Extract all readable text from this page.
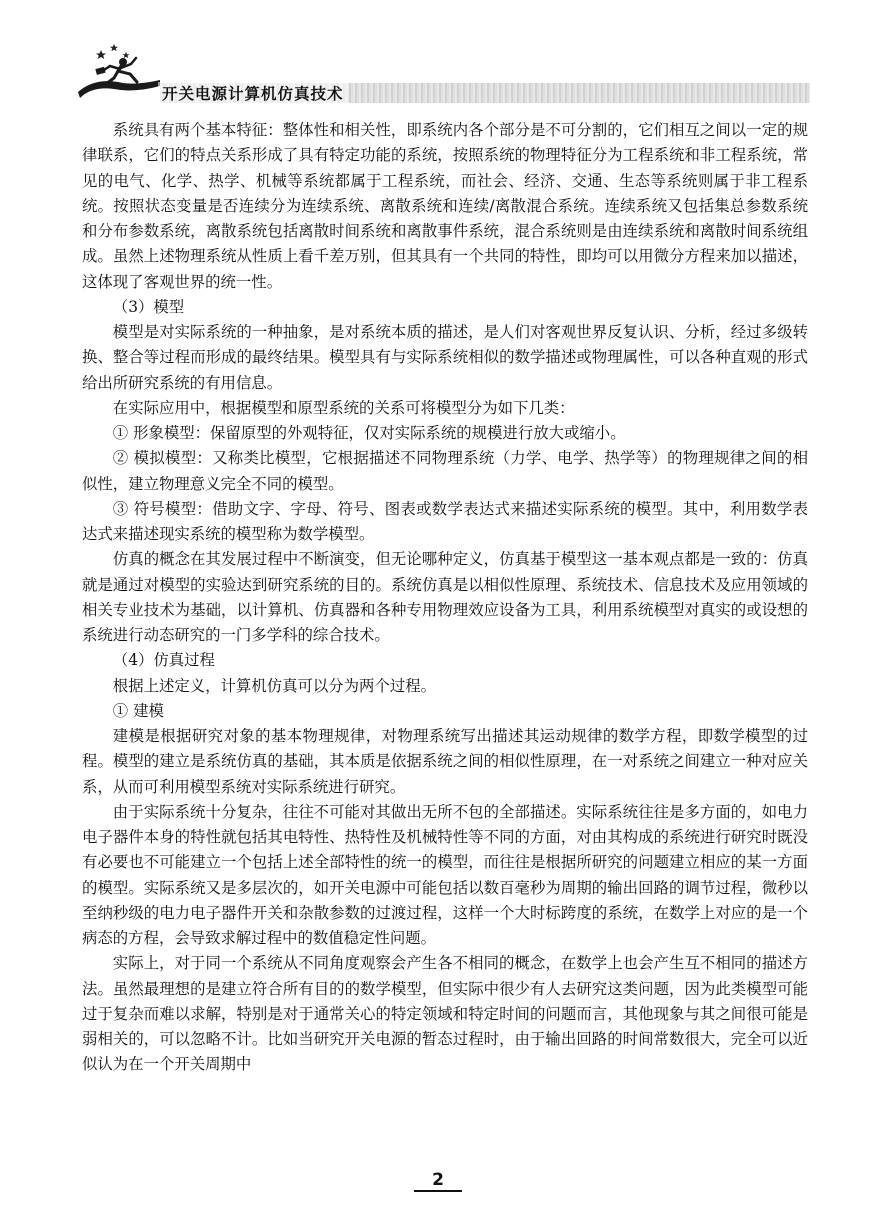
开关电源计算机仿真技术

系统具有两个基本特征：整体性和相关性，即系统内各个部分是不可分割的，它们相互之间以一定的规律联系，它们的特点关系形成了具有特定功能的系统，按照系统的物理特征分为工程系统和非工程系统，常见的电气、化学、热学、机械等系统都属于工程系统，而社会、经济、交通、生态等系统则属于非工程系统。按照状态变量是否连续分为连续系统、离散系统和连续/离散混合系统。连续系统又包括集总参数系统和分布参数系统，离散系统包括离散时间系统和离散事件系统，混合系统则是由连续系统和离散时间系统组成。虽然上述物理系统从性质上看千差万别，但其具有一个共同的特性，即均可以用微分方程来加以描述，这体现了客观世界的统一性。

（3）模型

模型是对实际系统的一种抽象，是对系统本质的描述，是人们对客观世界反复认识、分析，经过多级转换、整合等过程而形成的最终结果。模型具有与实际系统相似的数学描述或物理属性，可以各种直观的形式给出所研究系统的有用信息。

在实际应用中，根据模型和原型系统的关系可将模型分为如下几类：

① 形象模型：保留原型的外观特征，仅对实际系统的规模进行放大或缩小。

② 模拟模型：又称类比模型，它根据描述不同物理系统（力学、电学、热学等）的物理规律之间的相似性，建立物理意义完全不同的模型。

③ 符号模型：借助文字、字母、符号、图表或数学表达式来描述实际系统的模型。其中，利用数学表达式来描述现实系统的模型称为数学模型。

仿真的概念在其发展过程中不断演变，但无论哪种定义，仿真基于模型这一基本观点都是一致的：仿真就是通过对模型的实验达到研究系统的目的。系统仿真是以相似性原理、系统技术、信息技术及应用领域的相关专业技术为基础，以计算机、仿真器和各种专用物理效应设备为工具，利用系统模型对真实的或设想的系统进行动态研究的一门多学科的综合技术。

（4）仿真过程

根据上述定义，计算机仿真可以分为两个过程。

① 建模

建模是根据研究对象的基本物理规律，对物理系统写出描述其运动规律的数学方程，即数学模型的过程。模型的建立是系统仿真的基础，其本质是依据系统之间的相似性原理，在一对系统之间建立一种对应关系，从而可利用模型系统对实际系统进行研究。

由于实际系统十分复杂，往往不可能对其做出无所不包的全部描述。实际系统往往是多方面的，如电力电子器件本身的特性就包括其电特性、热特性及机械特性等不同的方面，对由其构成的系统进行研究时既没有必要也不可能建立一个包括上述全部特性的统一的模型，而往往是根据所研究的问题建立相应的某一方面的模型。实际系统又是多层次的，如开关电源中可能包括以数百毫秒为周期的输出回路的调节过程，微秒以至纳秒级的电力电子器件开关和杂散参数的过渡过程，这样一个大时标跨度的系统，在数学上对应的是一个病态的方程，会导致求解过程中的数值稳定性问题。

实际上，对于同一个系统从不同角度观察会产生各不相同的概念，在数学上也会产生互不相同的描述方法。虽然最理想的是建立符合所有目的的数学模型，但实际中很少有人去研究这类问题，因为此类模型可能过于复杂而难以求解，特别是对于通常关心的特定领域和特定时间的问题而言，其他现象与其之间很可能是弱相关的，可以忽略不计。比如当研究开关电源的暂态过程时，由于输出回路的时间常数很大，完全可以近似认为在一个开关周期中

2
